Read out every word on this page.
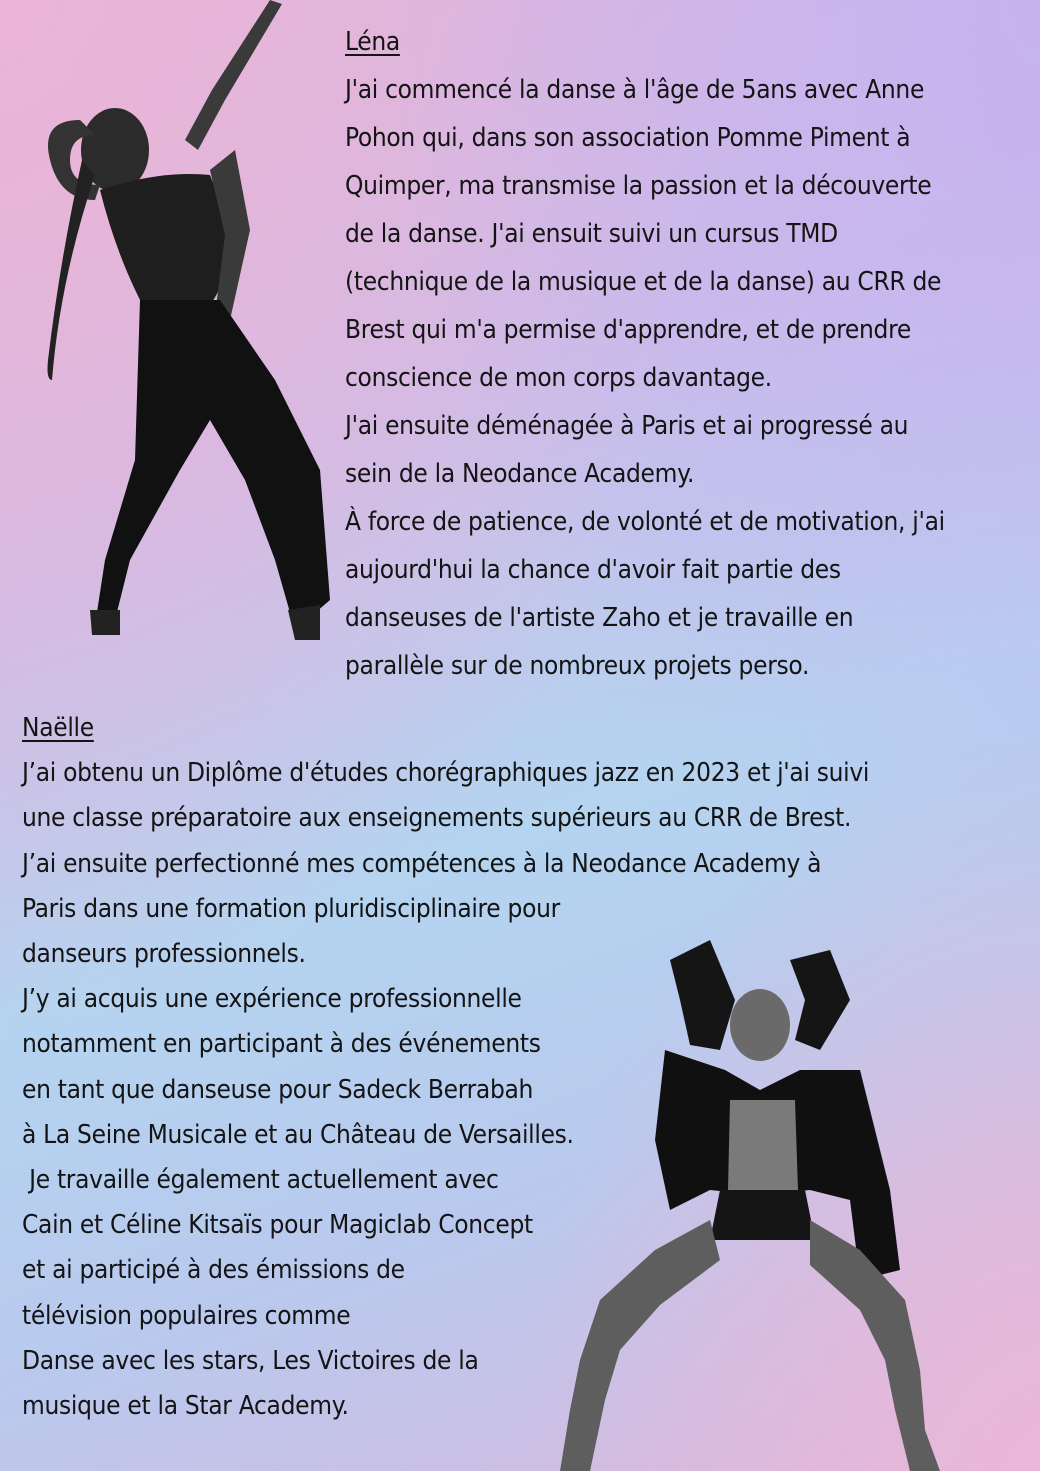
Léna
J'ai commencé la danse à l'âge de 5ans avec Anne
Pohon qui, dans son association Pomme Piment à
Quimper, ma transmise la passion et la découverte
de la danse. J'ai ensuit suivi un cursus TMD
(technique de la musique et de la danse) au CRR de
Brest qui m'a permise d'apprendre, et de prendre
conscience de mon corps davantage.
J'ai ensuite déménagée à Paris et ai progressé au
sein de la Neodance Academy.
À force de patience, de volonté et de motivation, j'ai
aujourd'hui la chance d'avoir fait partie des
danseuses de l'artiste Zaho et je travaille en
parallèle sur de nombreux projets perso.
Naëlle
J’ai obtenu un Diplôme d'études chorégraphiques jazz en 2023 et j'ai suivi
une classe préparatoire aux enseignements supérieurs au CRR de Brest.
J’ai ensuite perfectionné mes compétences à la Neodance Academy à
Paris dans une formation pluridisciplinaire pour
danseurs professionnels.
J’y ai acquis une expérience professionnelle
notamment en participant à des événements
en tant que danseuse pour Sadeck Berrabah
à La Seine Musicale et au Château de Versailles.
Je travaille également actuellement avec
Cain et Céline Kitsaïs pour Magiclab Concept
et ai participé à des émissions de
télévision populaires comme
Danse avec les stars, Les Victoires de la
musique et la Star Academy.
